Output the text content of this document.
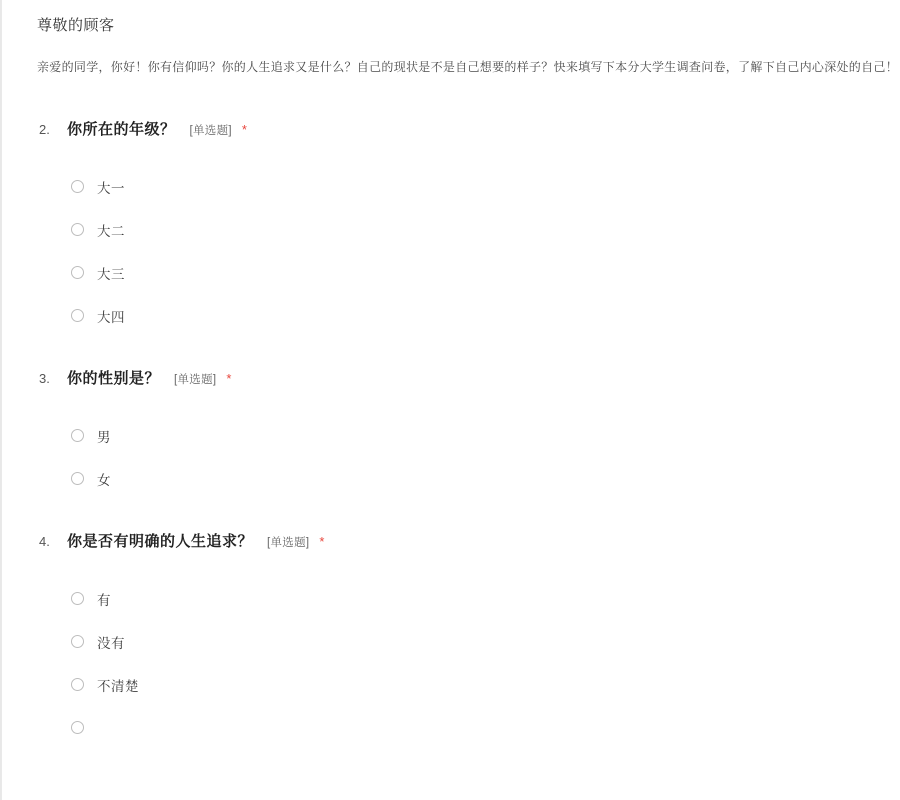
尊敬的顾客
亲爱的同学，你好！你有信仰吗？你的人生追求又是什么？自己的现状是不是自己想要的样子？快来填写下本分大学生调查问卷，了解下自己内心深处的自己！
2.	你所在的年级？ [单选题] *
大一
大二
大三
大四
3.	你的性别是？ [单选题] *
男
女
4.	你是否有明确的人生追求？ [单选题] *
有
没有
不清楚
